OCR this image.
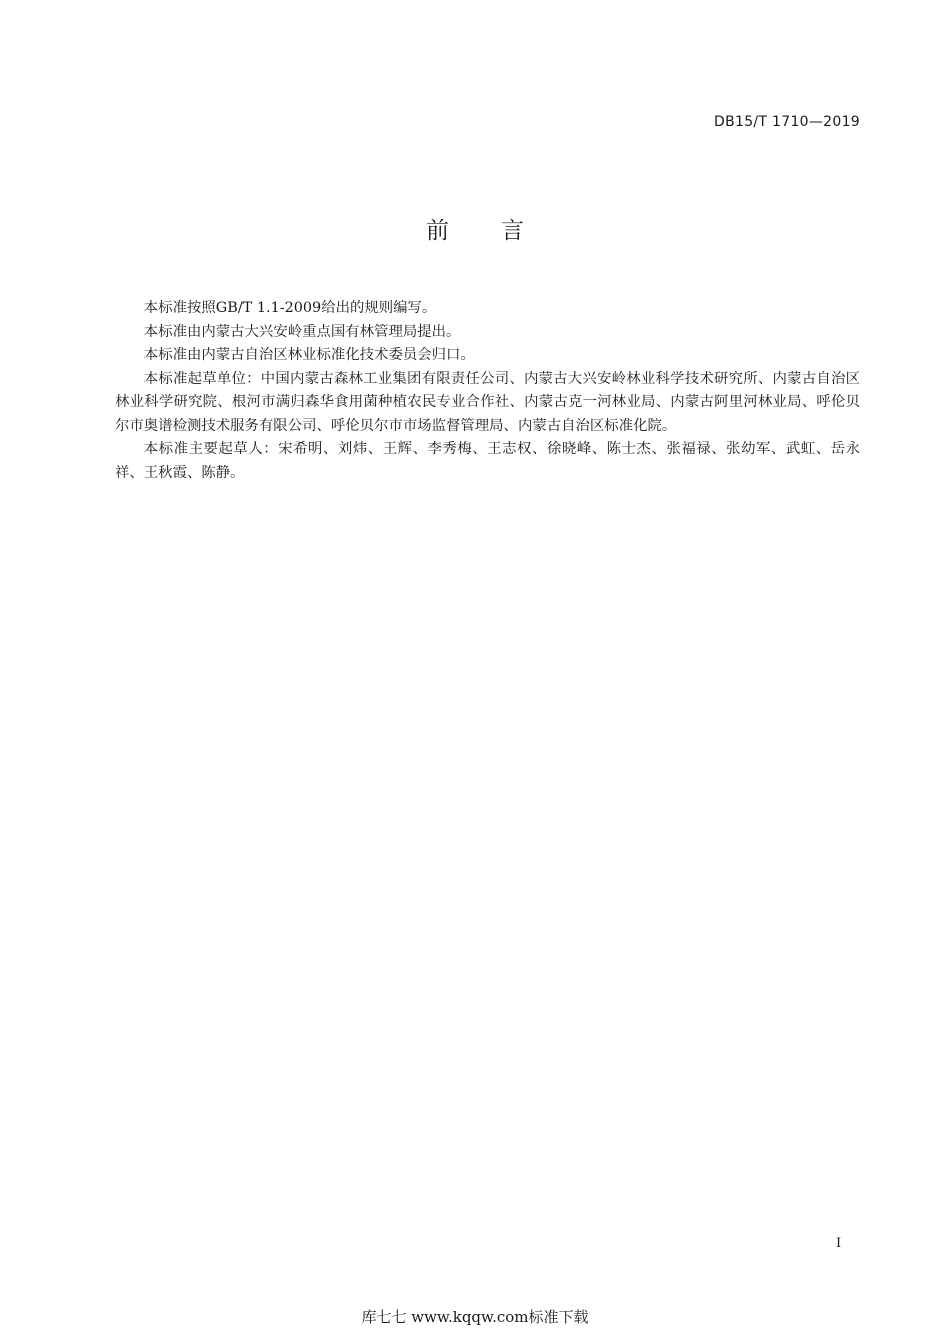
DB15/T 1710—2019
前言

本标准按照GB/T 1.1-2009给出的规则编写。

本标准由内蒙古大兴安岭重点国有林管理局提出。

本标准由内蒙古自治区林业标准化技术委员会归口。

本标准起草单位：中国内蒙古森林工业集团有限责任公司、内蒙古大兴安岭林业科学技术研究所、内蒙古自治区林业科学研究院、根河市满归森华食用菌种植农民专业合作社、内蒙古克一河林业局、内蒙古阿里河林业局、呼伦贝尔市奥谱检测技术服务有限公司、呼伦贝尔市市场监督管理局、内蒙古自治区标准化院。

本标准主要起草人：宋希明、刘炜、王辉、李秀梅、王志权、徐晓峰、陈士杰、张福禄、张幼军、武虹、岳永祥、王秋霞、陈静。

I
库七七 www.kqqw.com标准下载
